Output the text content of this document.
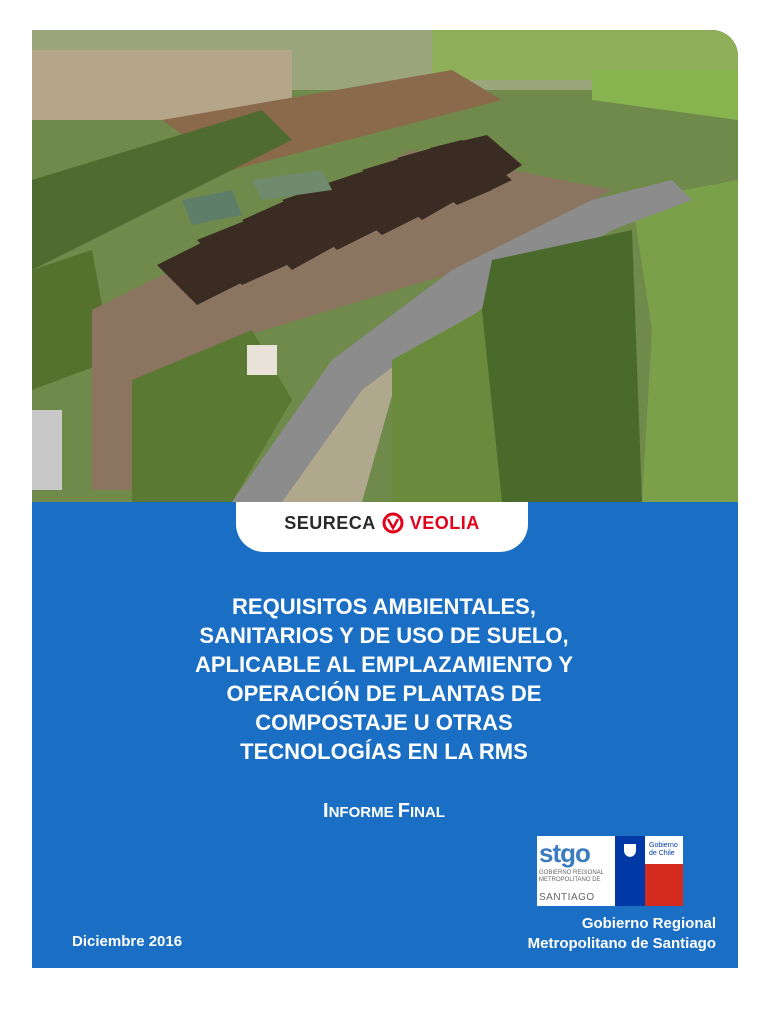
SEURECA VEOLIA
REQUISITOS AMBIENTALES,
SANITARIOS Y DE USO DE SUELO,
APLICABLE AL EMPLAZAMIENTO Y
OPERACIÓN DE PLANTAS DE
COMPOSTAJE U OTRAS
TECNOLOGÍAS EN LA RMS
INFORME FINAL
stgo
GOBIERNO REGIONAL
METROPOLITANO DE
SANTIAGO
Gobierno
de Chile
Gobierno Regional
Metropolitano de Santiago
Diciembre 2016
